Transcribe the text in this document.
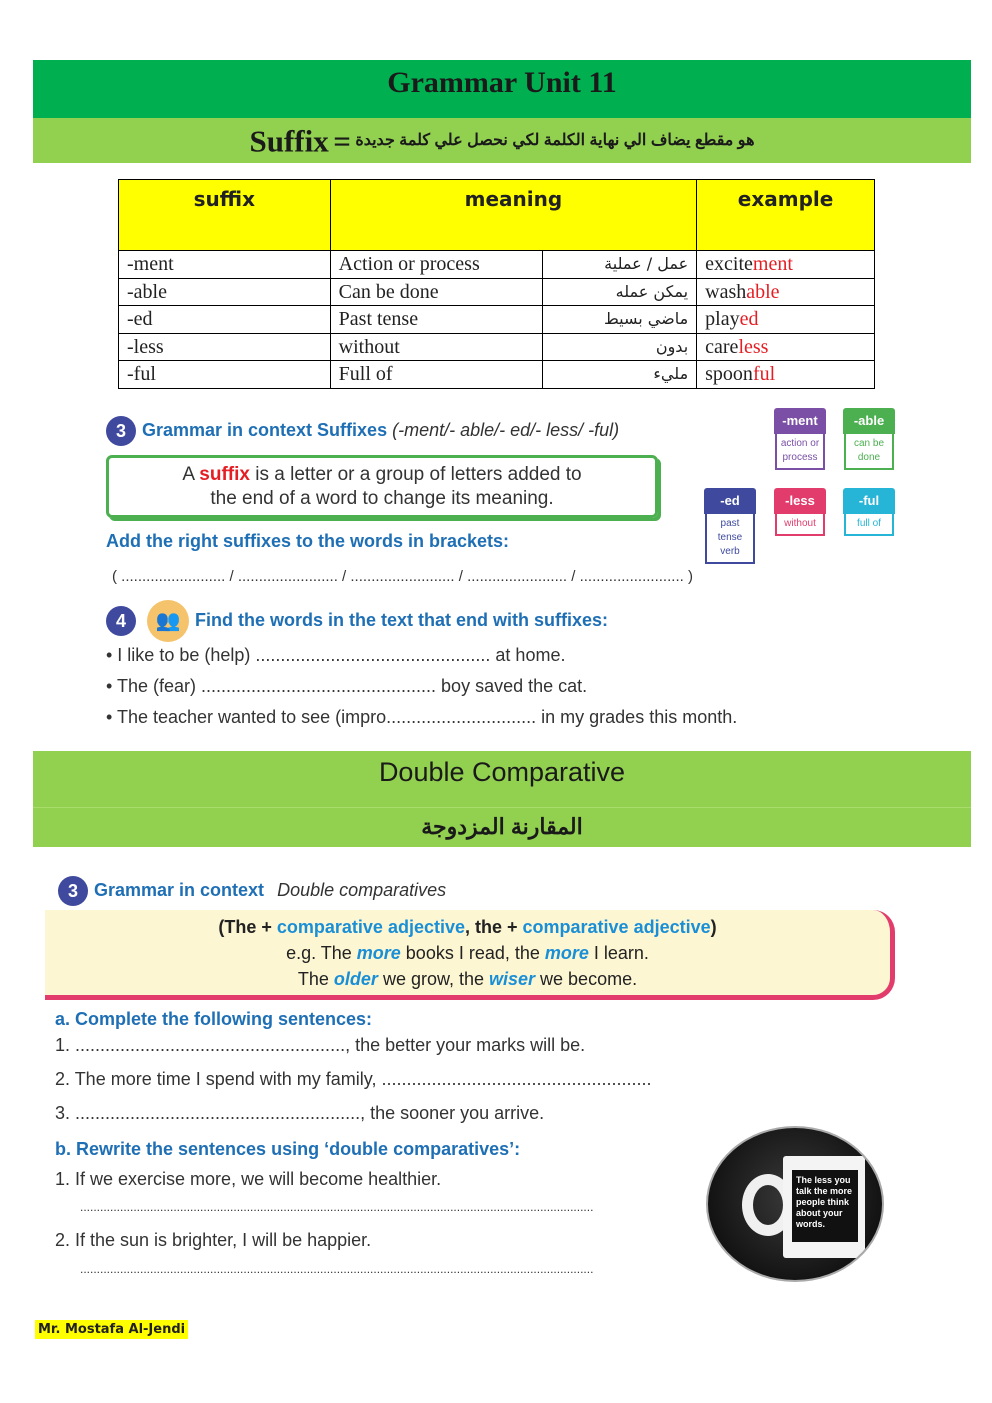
Grammar Unit 11
هو مقطع يضاف الي نهاية الكلمة لكي نحصل علي كلمة جديدة = Suffix
suffix	meaning		example
-ment	Action or process	عمل / عملية	excitement
-able	Can be done	يمكن عمله	washable
-ed	Past tense	ماضي بسيط	played
-less	without	بدون	careless
-ful	Full of	مليء	spoonful
3 Grammar in context Suffixes (-ment/- able/- ed/- less/ -ful)
A suffix is a letter or a group of letters added to
the end of a word to change its meaning.
-ment
action or process
-able
can be done
-ed
past tense verb
-less
without
-ful
full of
Add the right suffixes to the words in brackets:
( ......................... / ........................ / ......................... / ........................ / ......................... )
4 👥 Find the words in the text that end with suffixes:
• I like to be (help) ............................................... at home.
• The (fear) ............................................... boy saved the cat.
• The teacher wanted to see (impro.............................. in my grades this month.
Double Comparative
المقارنة المزدوجة
3 Grammar in context Double comparatives
(The + comparative adjective, the + comparative adjective)
e.g. The more books I read, the more I learn.
The older we grow, the wiser we become.
a. Complete the following sentences:
1. ......................................................, the better your marks will be.
2. The more time I spend with my family, ......................................................
3. ........................................................., the sooner you arrive.
b. Rewrite the sentences using ‘double comparatives’:
1. If we exercise more, we will become healthier.
..........................................................................................................................................................
2. If the sun is brighter, I will be happier.
..........................................................................................................................................................
The less you talk the more people think about your words.
Mr. Mostafa Al-Jendi
